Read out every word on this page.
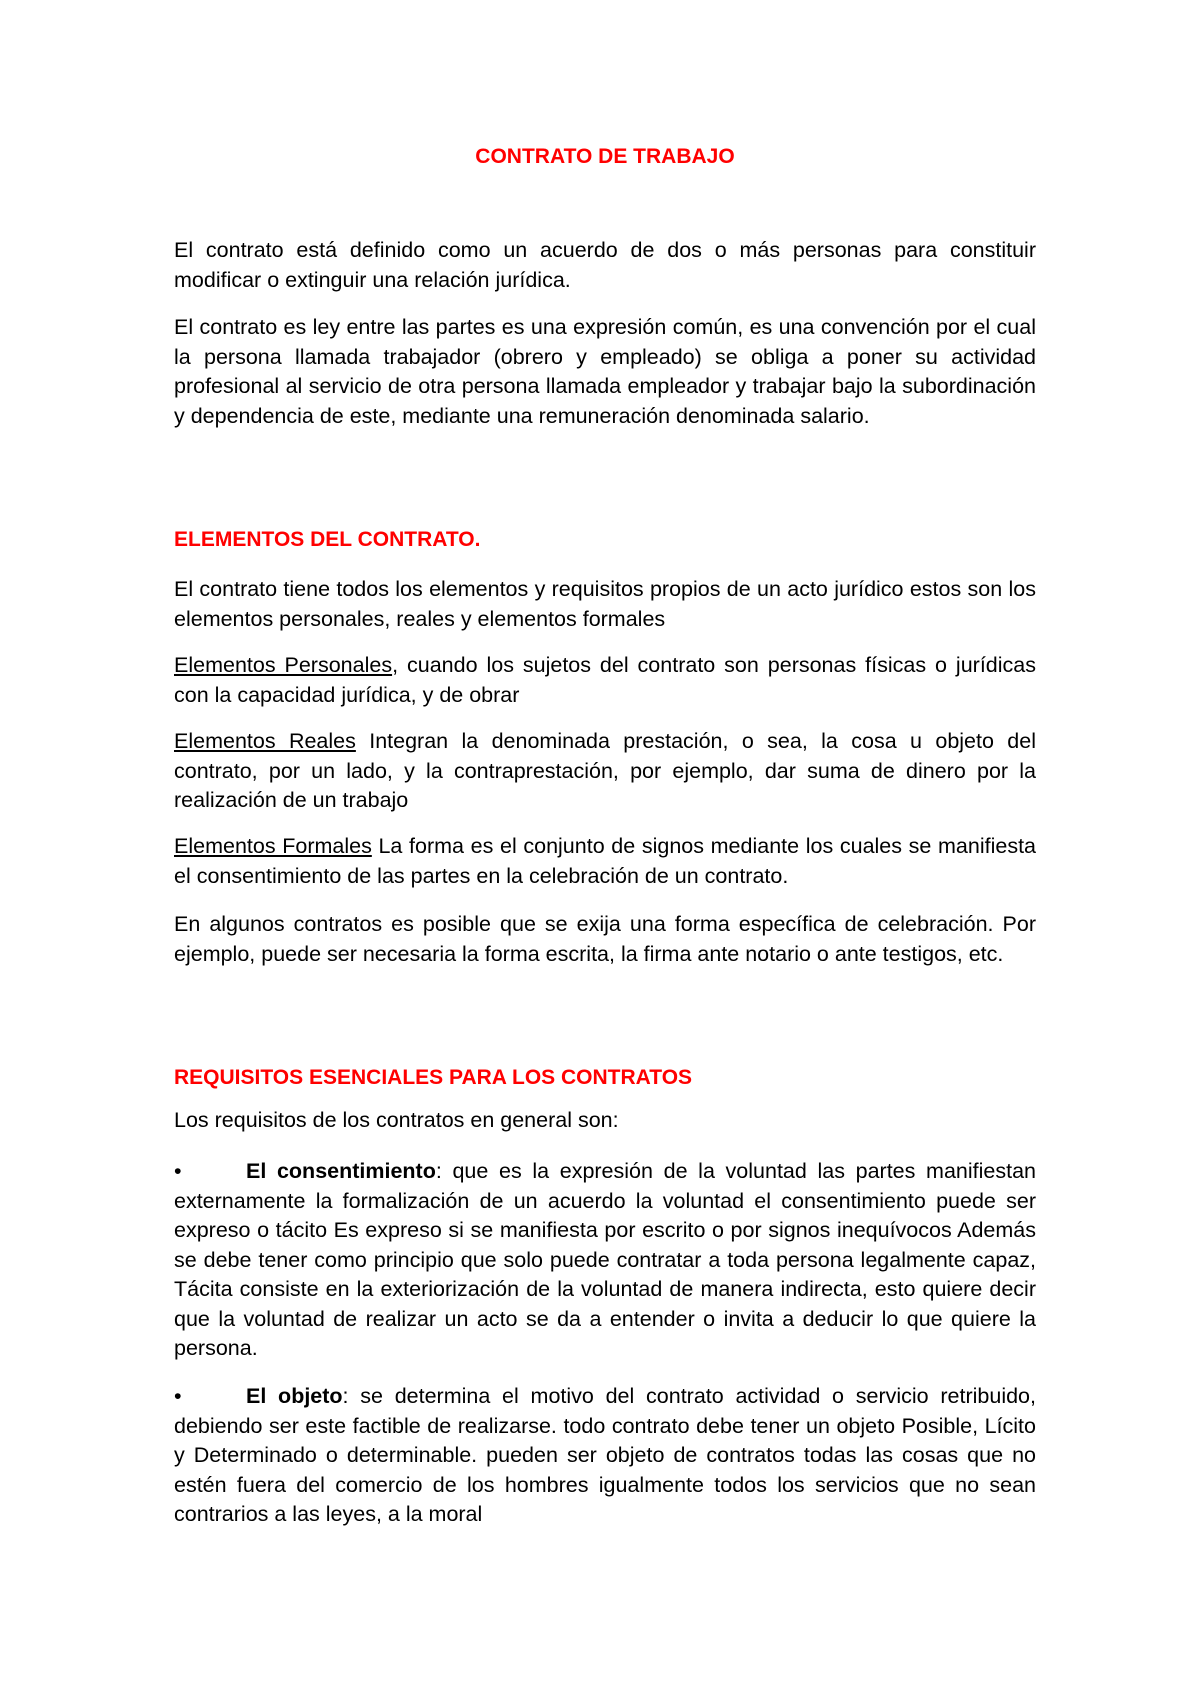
CONTRATO DE TRABAJO

El contrato está definido como un acuerdo de dos o más personas para constituir modificar o extinguir una relación jurídica.

El contrato es ley entre las partes es una expresión común, es una convención por el cual la persona llamada trabajador (obrero y empleado) se obliga a poner su actividad profesional al servicio de otra persona llamada empleador y trabajar bajo la subordinación y dependencia de este, mediante una remuneración denominada salario.

ELEMENTOS DEL CONTRATO.

El contrato tiene todos los elementos y requisitos propios de un acto jurídico estos son los elementos personales, reales y elementos formales

Elementos Personales, cuando los sujetos del contrato son personas físicas o jurídicas con la capacidad jurídica, y de obrar

Elementos Reales Integran la denominada prestación, o sea, la cosa u objeto del contrato, por un lado, y la contraprestación, por ejemplo, dar suma de dinero por la realización de un trabajo

Elementos Formales La forma es el conjunto de signos mediante los cuales se manifiesta el consentimiento de las partes en la celebración de un contrato.

En algunos contratos es posible que se exija una forma específica de celebración. Por ejemplo, puede ser necesaria la forma escrita, la firma ante notario o ante testigos, etc.

REQUISITOS ESENCIALES PARA LOS CONTRATOS

Los requisitos de los contratos en general son:

•	El consentimiento: que es la expresión de la voluntad las partes manifiestan externamente la formalización de un acuerdo la voluntad el consentimiento puede ser expreso o tácito Es expreso si se manifiesta por escrito o por signos inequívocos Además se debe tener como principio que solo puede contratar a toda persona legalmente capaz, Tácita consiste en la exteriorización de la voluntad de manera indirecta, esto quiere decir que la voluntad de realizar un acto se da a entender o invita a deducir lo que quiere la persona.

•	El objeto: se determina el motivo del contrato actividad o servicio retribuido, debiendo ser este factible de realizarse. todo contrato debe tener un objeto Posible, Lícito y Determinado o determinable. pueden ser objeto de contratos todas las cosas que no estén fuera del comercio de los hombres igualmente todos los servicios que no sean contrarios a las leyes, a la moral
